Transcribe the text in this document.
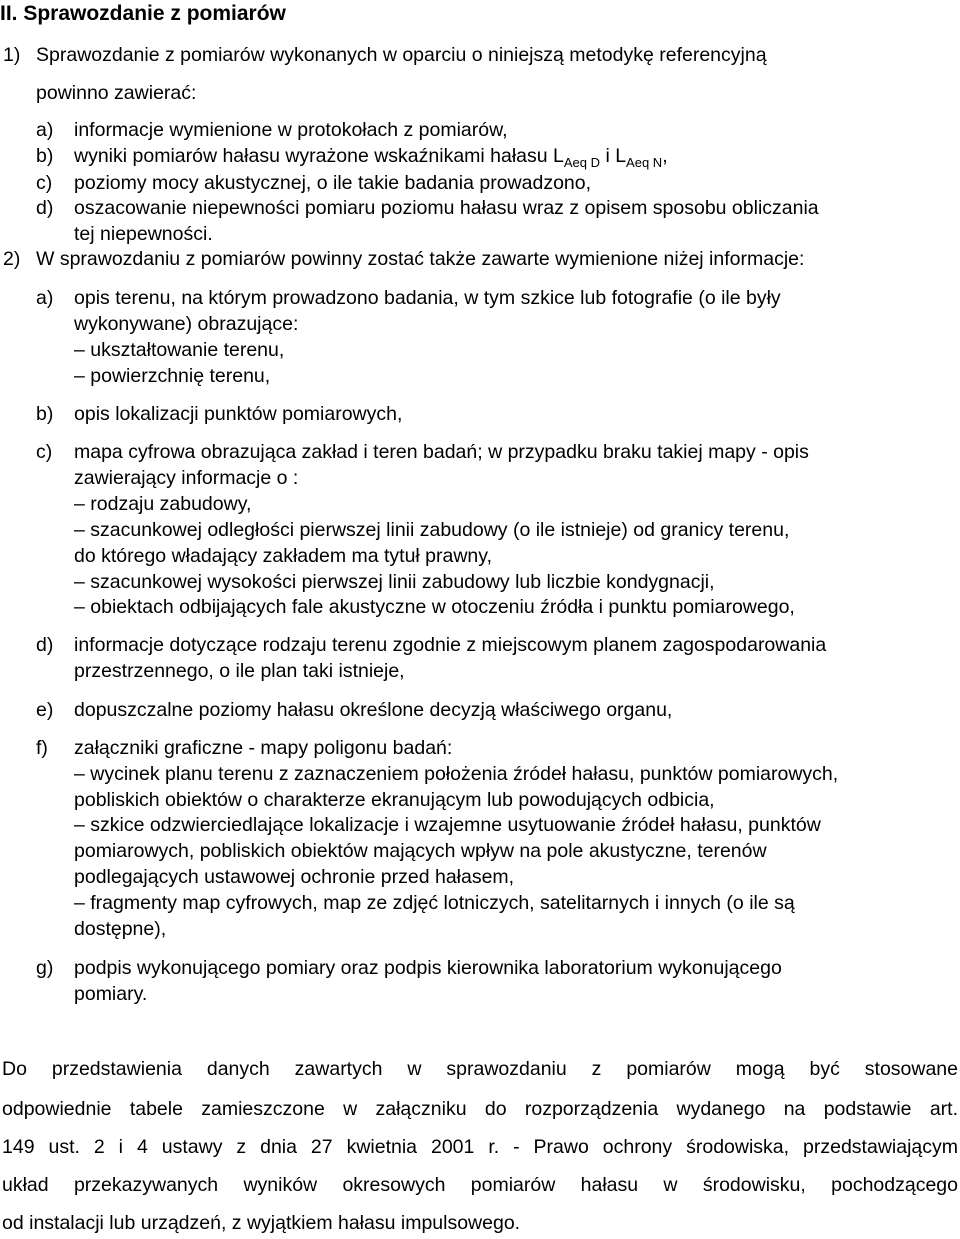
II. Sprawozdanie z pomiarów
1) Sprawozdanie z pomiarów wykonanych w oparciu o niniejszą metodykę referencyjną
powinno zawierać:
a) informacje wymienione w protokołach z pomiarów,
b) wyniki pomiarów hałasu wyrażone wskaźnikami hałasu $L_{Aeq D}$ i $L_{Aeq N}$,
c) poziomy mocy akustycznej, o ile takie badania prowadzono,
d) oszacowanie niepewności pomiaru poziomu hałasu wraz z opisem sposobu obliczania
tej niepewności.
2) W sprawozdaniu z pomiarów powinny zostać także zawarte wymienione niżej informacje:
a) opis terenu, na którym prowadzono badania, w tym szkice lub fotografie (o ile były
wykonywane) obrazujące:
– ukształtowanie terenu,
– powierzchnię terenu,
b) opis lokalizacji punktów pomiarowych,
c) mapa cyfrowa obrazująca zakład i teren badań; w przypadku braku takiej mapy - opis
zawierający informacje o :
– rodzaju zabudowy,
– szacunkowej odległości pierwszej linii zabudowy (o ile istnieje) od granicy terenu,
do którego władający zakładem ma tytuł prawny,
– szacunkowej wysokości pierwszej linii zabudowy lub liczbie kondygnacji,
– obiektach odbijających fale akustyczne w otoczeniu źródła i punktu pomiarowego,
d) informacje dotyczące rodzaju terenu zgodnie z miejscowym planem zagospodarowania
przestrzennego, o ile plan taki istnieje,
e) dopuszczalne poziomy hałasu określone decyzją właściwego organu,
f) załączniki graficzne - mapy poligonu badań:
– wycinek planu terenu z zaznaczeniem położenia źródeł hałasu, punktów pomiarowych,
pobliskich obiektów o charakterze ekranującym lub powodujących odbicia,
– szkice odzwierciedlające lokalizacje i wzajemne usytuowanie źródeł hałasu, punktów
pomiarowych, pobliskich obiektów mających wpływ na pole akustyczne, terenów
podlegających ustawowej ochronie przed hałasem,
– fragmenty map cyfrowych, map ze zdjęć lotniczych, satelitarnych i innych (o ile są
dostępne),
g) podpis wykonującego pomiary oraz podpis kierownika laboratorium wykonującego
pomiary.
Do przedstawienia danych zawartych w sprawozdaniu z pomiarów mogą być stosowane
odpowiednie tabele zamieszczone w załączniku do rozporządzenia wydanego na podstawie art.
149 ust. 2 i 4 ustawy z dnia 27 kwietnia 2001 r. - Prawo ochrony środowiska, przedstawiającym
układ przekazywanych wyników okresowych pomiarów hałasu w środowisku, pochodzącego
od instalacji lub urządzeń, z wyjątkiem hałasu impulsowego.
